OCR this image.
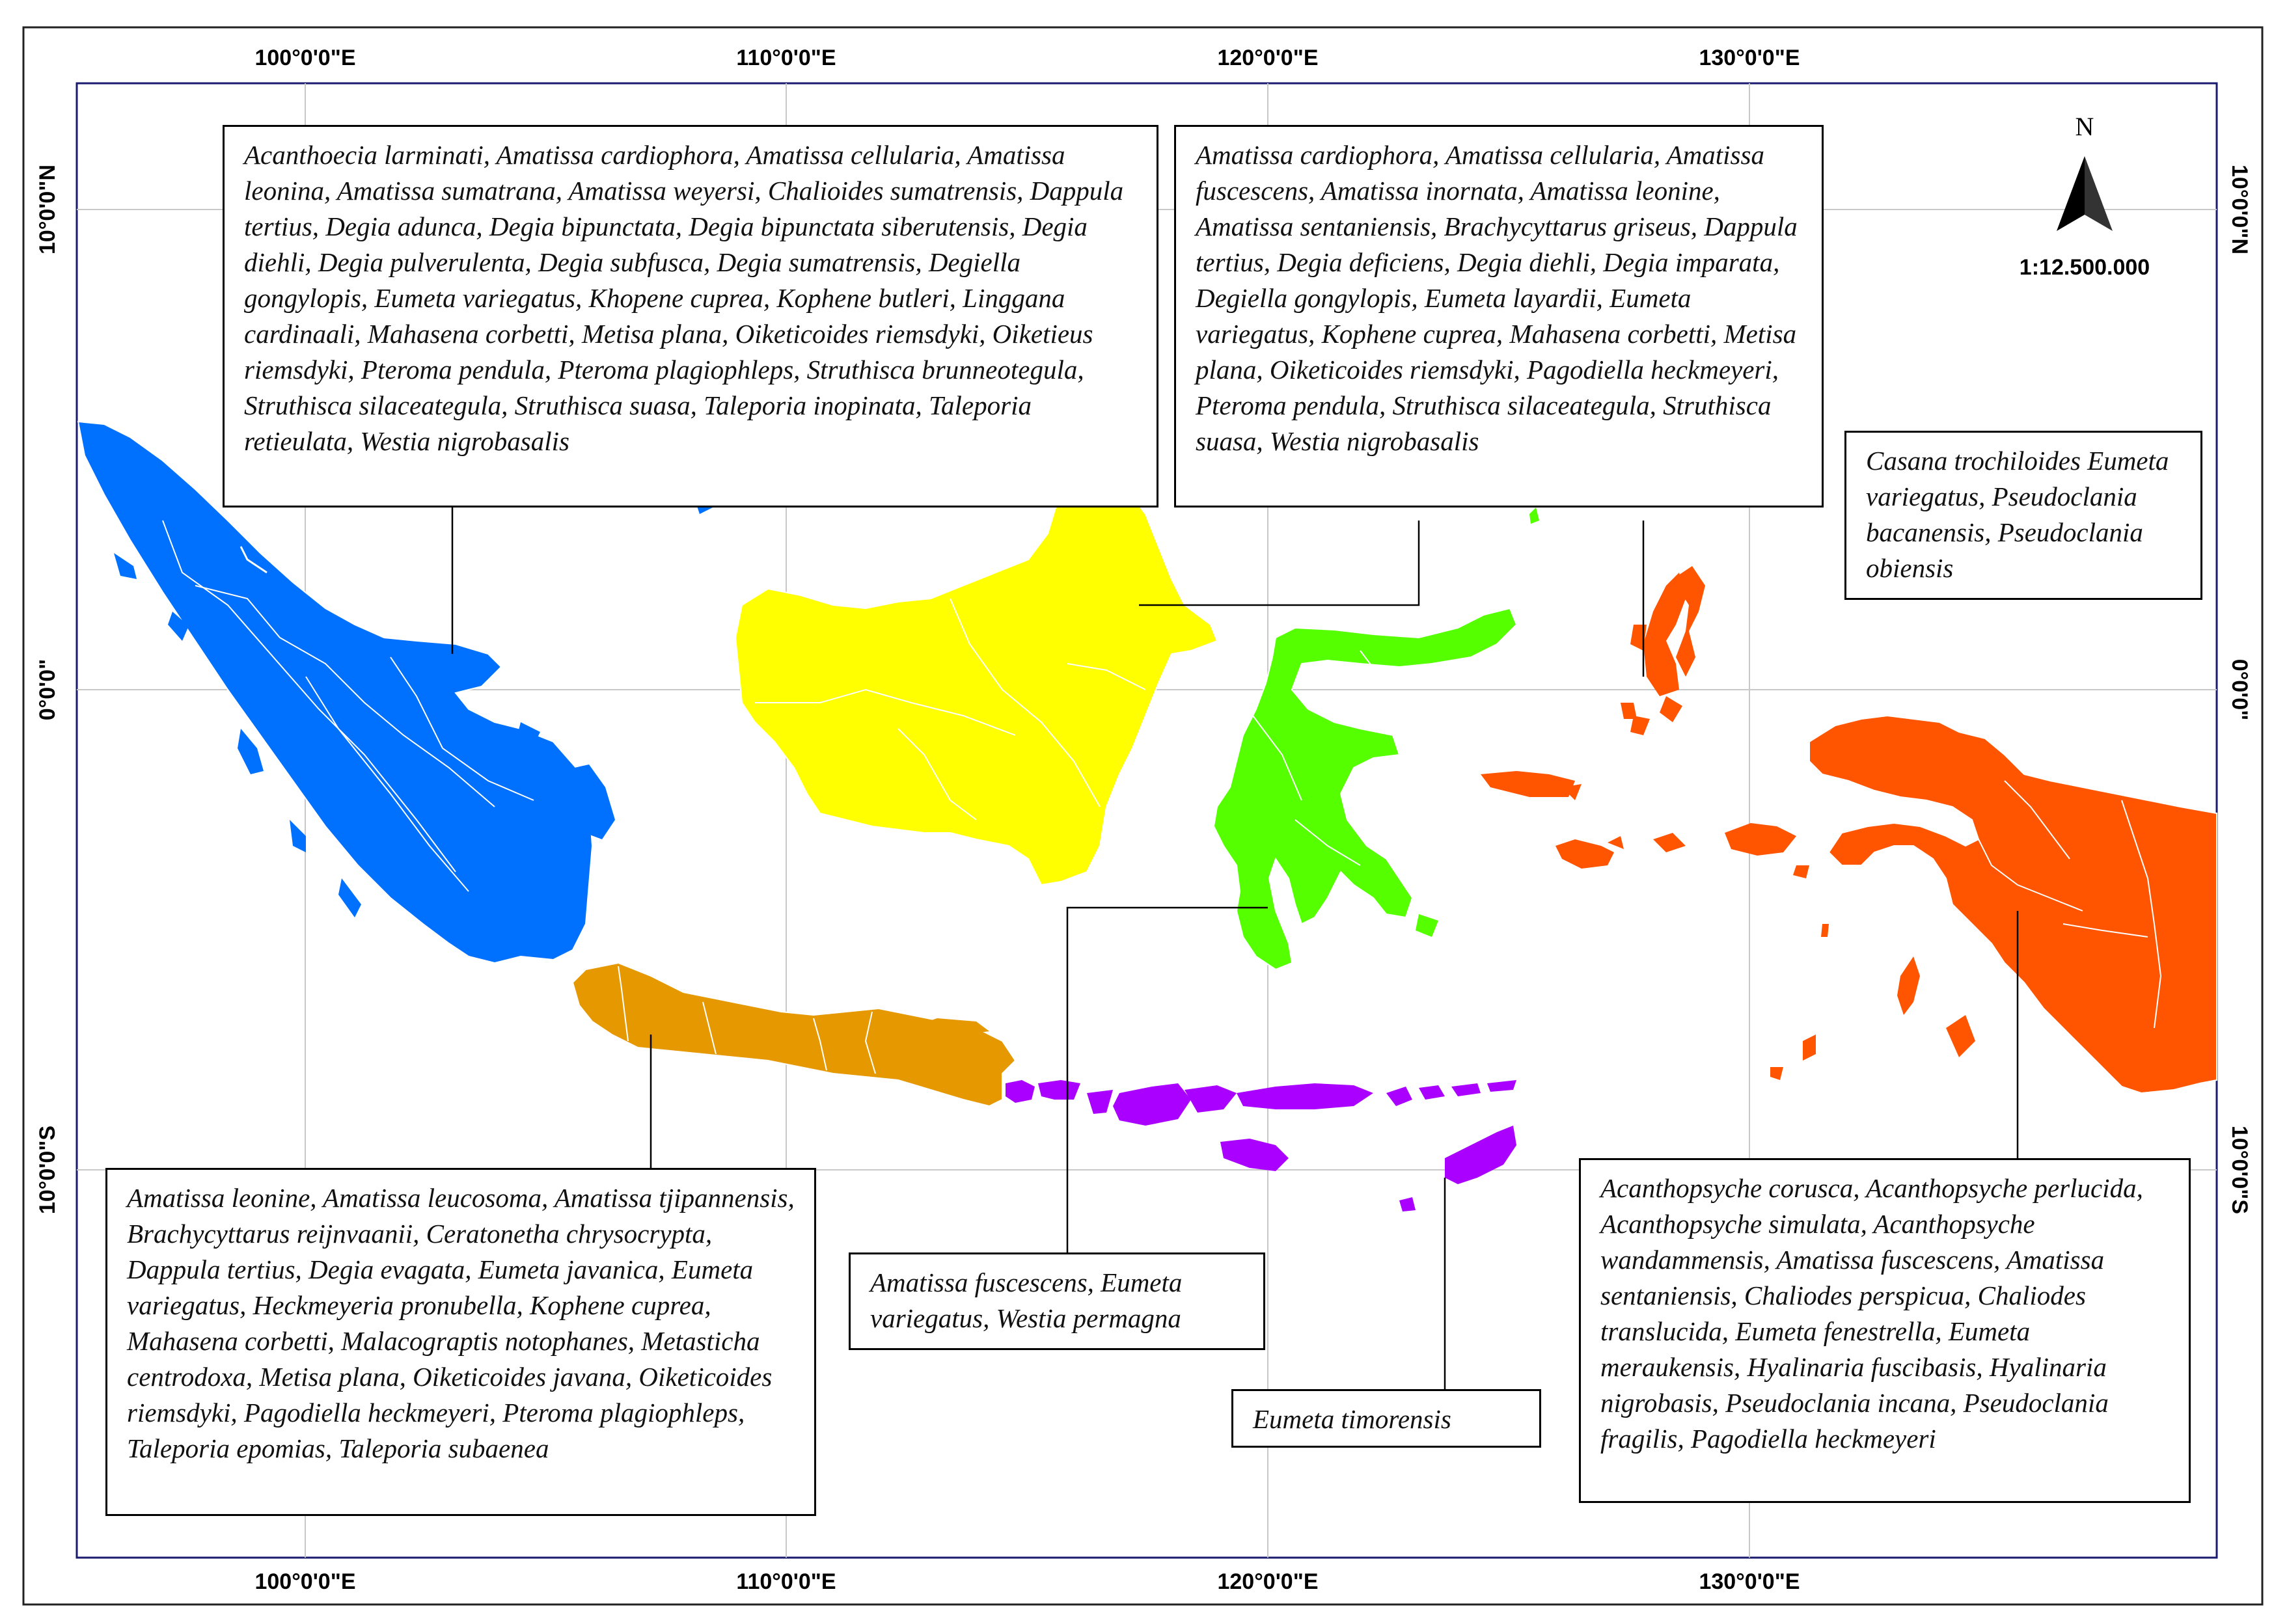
100°0'0"E	110°0'0"E	120°0'0"E	130°0'0"E
100°0'0"E	110°0'0"E	120°0'0"E	130°0'0"E
10°0'0"N
0°0'0"
10°0'0"S
10°0'0"N
0°0'0"
10°0'0"S
N
1:12.500.000
Acanthoecia larminati, Amatissa cardiophora, Amatissa cellularia, Amatissa leonina, Amatissa sumatrana, Amatissa weyersi, Chalioides sumatrensis, Dappula tertius, Degia adunca, Degia bipunctata, Degia bipunctata siberutensis, Degia diehli, Degia pulverulenta, Degia subfusca, Degia sumatrensis, Degiella gongylopis, Eumeta variegatus, Khopene cuprea, Kophene butleri, Linggana cardinaali, Mahasena corbetti, Metisa plana, Oiketicoides riemsdyki, Oiketieus riemsdyki, Pteroma pendula, Pteroma plagiophleps, Struthisca brunneotegula, Struthisca silaceategula, Struthisca suasa, Taleporia inopinata, Taleporia retieulata, Westia nigrobasalis
Amatissa cardiophora, Amatissa cellularia, Amatissa fuscescens, Amatissa inornata, Amatissa leonine, Amatissa sentaniensis, Brachycyttarus griseus, Dappula tertius, Degia deficiens, Degia diehli, Degia imparata, Degiella gongylopis, Eumeta layardii, Eumeta variegatus, Kophene cuprea, Mahasena corbetti, Metisa plana, Oiketicoides riemsdyki, Pagodiella heckmeyeri, Pteroma pendula, Struthisca silaceategula, Struthisca suasa, Westia nigrobasalis
Casana trochiloides Eumeta variegatus, Pseudoclania bacanensis, Pseudoclania obiensis
Amatissa leonine, Amatissa leucosoma, Amatissa tjipannensis, Brachycyttarus reijnvaanii, Ceratonetha chrysocrypta, Dappula tertius, Degia evagata, Eumeta javanica, Eumeta variegatus, Heckmeyeria pronubella, Kophene cuprea, Mahasena corbetti, Malacograptis notophanes, Metasticha centrodoxa, Metisa plana, Oiketicoides javana, Oiketicoides riemsdyki, Pagodiella heckmeyeri, Pteroma plagiophleps, Taleporia epomias, Taleporia subaenea
Amatissa fuscescens, Eumeta variegatus, Westia permagna
Eumeta timorensis
Acanthopsyche corusca, Acanthopsyche perlucida, Acanthopsyche simulata, Acanthopsyche wandammensis, Amatissa fuscescens, Amatissa sentaniensis, Chaliodes perspicua, Chaliodes translucida, Eumeta fenestrella, Eumeta meraukensis, Hyalinaria fuscibasis, Hyalinaria nigrobasis, Pseudoclania incana, Pseudoclania fragilis, Pagodiella heckmeyeri
